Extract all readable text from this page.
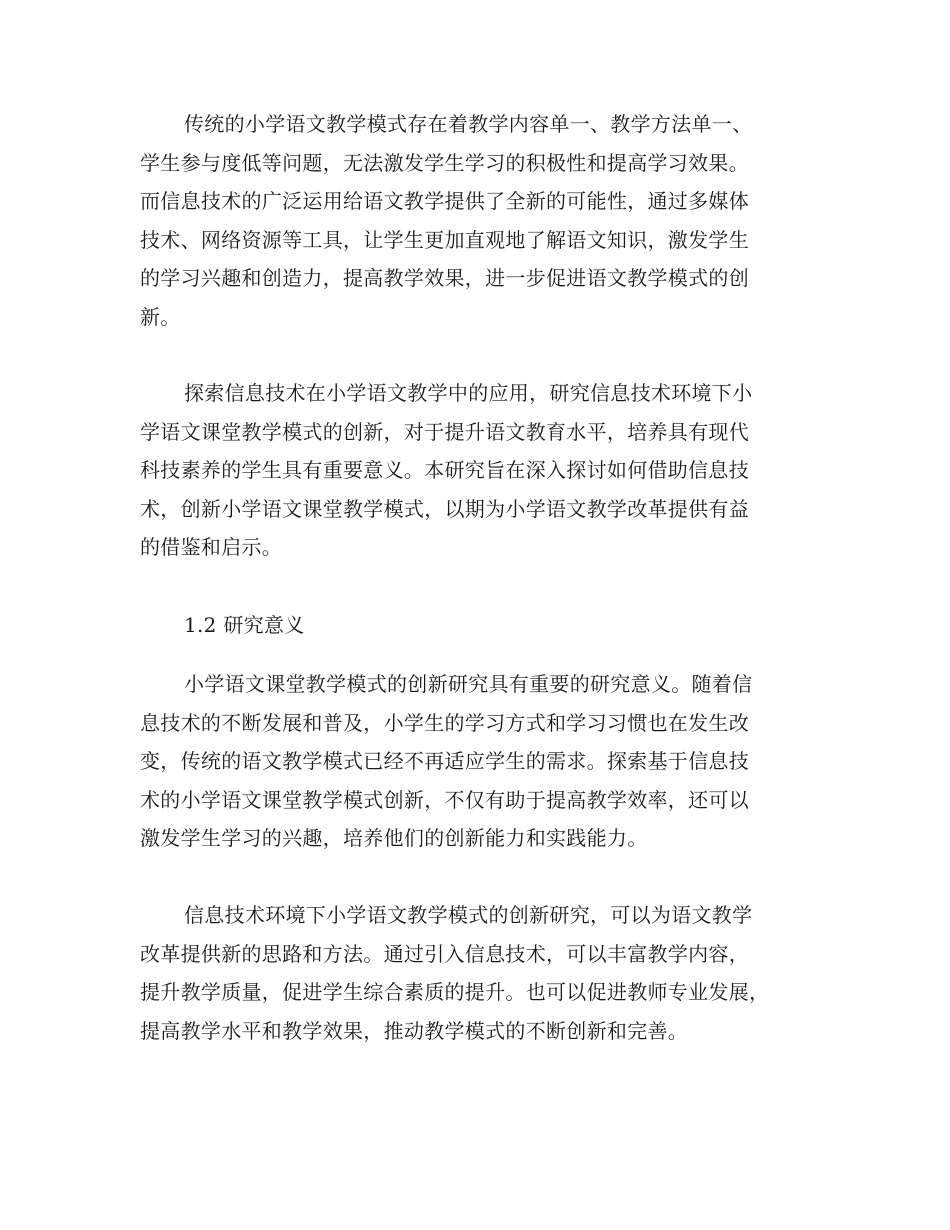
传统的小学语文教学模式存在着教学内容单一、教学方法单一、
学生参与度低等问题，无法激发学生学习的积极性和提高学习效果。
而信息技术的广泛运用给语文教学提供了全新的可能性，通过多媒体
技术、网络资源等工具，让学生更加直观地了解语文知识，激发学生
的学习兴趣和创造力，提高教学效果，进一步促进语文教学模式的创
新。
探索信息技术在小学语文教学中的应用，研究信息技术环境下小
学语文课堂教学模式的创新，对于提升语文教育水平，培养具有现代
科技素养的学生具有重要意义。本研究旨在深入探讨如何借助信息技
术，创新小学语文课堂教学模式，以期为小学语文教学改革提供有益
的借鉴和启示。
1.2 研究意义
小学语文课堂教学模式的创新研究具有重要的研究意义。随着信
息技术的不断发展和普及，小学生的学习方式和学习习惯也在发生改
变，传统的语文教学模式已经不再适应学生的需求。探索基于信息技
术的小学语文课堂教学模式创新，不仅有助于提高教学效率，还可以
激发学生学习的兴趣，培养他们的创新能力和实践能力。
信息技术环境下小学语文教学模式的创新研究，可以为语文教学
改革提供新的思路和方法。通过引入信息技术，可以丰富教学内容，
提升教学质量，促进学生综合素质的提升。也可以促进教师专业发展，
提高教学水平和教学效果，推动教学模式的不断创新和完善。
